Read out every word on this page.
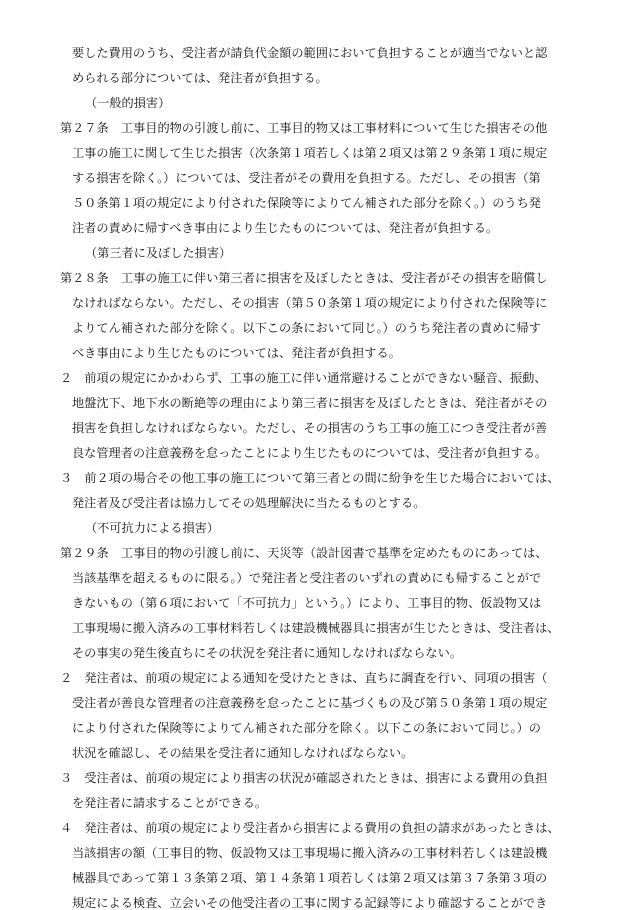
要した費用のうち、受注者が請負代金額の範囲において負担することが適当でないと認
められる部分については、発注者が負担する。
（一般的損害）
第２７条　工事目的物の引渡し前に、工事目的物又は工事材料について生じた損害その他
工事の施工に関して生じた損害（次条第１項若しくは第２項又は第２９条第１項に規定
する損害を除く。）については、受注者がその費用を負担する。ただし、その損害（第
５０条第１項の規定により付された保険等によりてん補された部分を除く。）のうち発
注者の責めに帰すべき事由により生じたものについては、発注者が負担する。
（第三者に及ぼした損害）
第２８条　工事の施工に伴い第三者に損害を及ぼしたときは、受注者がその損害を賠償し
なければならない。ただし、その損害（第５０条第１項の規定により付された保険等に
よりてん補された部分を除く。以下この条において同じ。）のうち発注者の責めに帰す
べき事由により生じたものについては、発注者が負担する。
２　前項の規定にかかわらず、工事の施工に伴い通常避けることができない騒音、振動、
地盤沈下、地下水の断絶等の理由により第三者に損害を及ぼしたときは、発注者がその
損害を負担しなければならない。ただし、その損害のうち工事の施工につき受注者が善
良な管理者の注意義務を怠ったことにより生じたものについては、受注者が負担する。
３　前２項の場合その他工事の施工について第三者との間に紛争を生じた場合においては、
発注者及び受注者は協力してその処理解決に当たるものとする。
（不可抗力による損害）
第２９条　工事目的物の引渡し前に、天災等（設計図書で基準を定めたものにあっては、
当該基準を超えるものに限る。）で発注者と受注者のいずれの責めにも帰することがで
きないもの（第６項において「不可抗力」という。）により、工事目的物、仮設物又は
工事現場に搬入済みの工事材料若しくは建設機械器具に損害が生じたときは、受注者は、
その事実の発生後直ちにその状況を発注者に通知しなければならない。
２　発注者は、前項の規定による通知を受けたときは、直ちに調査を行い、同項の損害（
受注者が善良な管理者の注意義務を怠ったことに基づくもの及び第５０条第１項の規定
により付された保険等によりてん補された部分を除く。以下この条において同じ。）の
状況を確認し、その結果を受注者に通知しなければならない。
３　受注者は、前項の規定により損害の状況が確認されたときは、損害による費用の負担
を発注者に請求することができる。
４　発注者は、前項の規定により受注者から損害による費用の負担の請求があったときは、
当該損害の額（工事目的物、仮設物又は工事現場に搬入済みの工事材料若しくは建設機
械器具であって第１３条第２項、第１４条第１項若しくは第２項又は第３７条第３項の
規定による検査、立会いその他受注者の工事に関する記録等により確認することができ
